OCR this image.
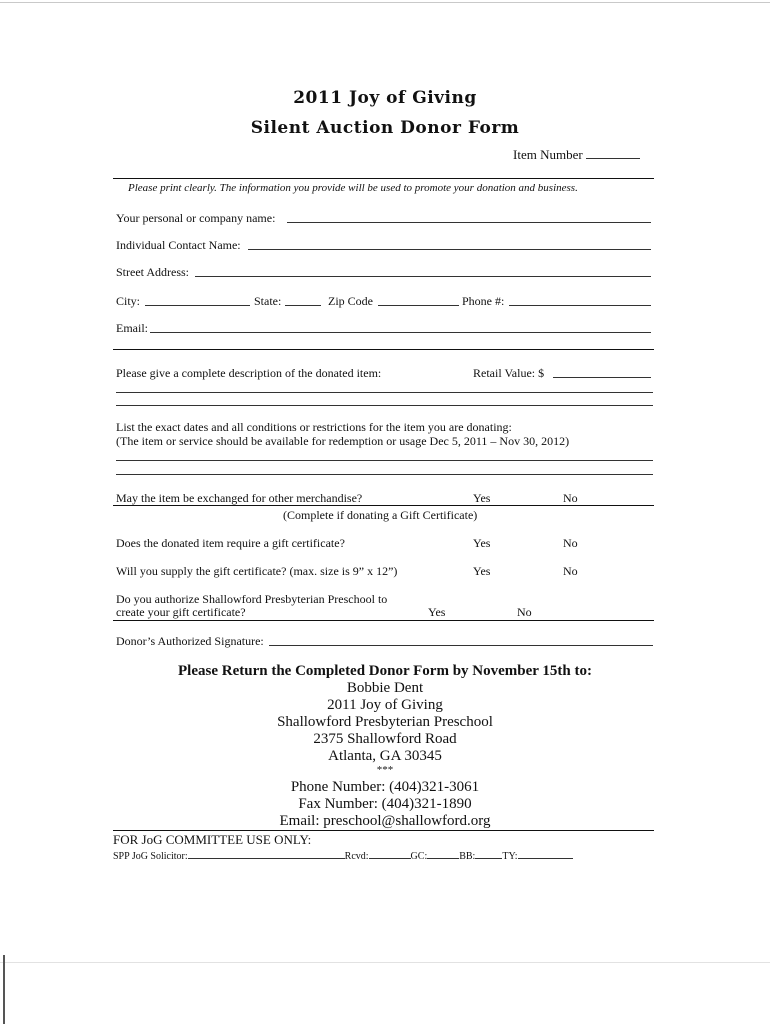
2011 Joy of Giving
Silent Auction Donor Form
Item Number
Please print clearly. The information you provide will be used to promote your donation and business.
Your personal or company name:
Individual Contact Name:
Street Address:
City:	State:	Zip Code	Phone #:
Email:
Please give a complete description of the donated item:	Retail Value: $
List the exact dates and all conditions or restrictions for the item you are donating:
(The item or service should be available for redemption or usage Dec 5, 2011 – Nov 30, 2012)
May the item be exchanged for other merchandise?	Yes	No
(Complete if donating a Gift Certificate)
Does the donated item require a gift certificate?	Yes	No
Will you supply the gift certificate? (max. size is 9” x 12”)	Yes	No
Do you authorize Shallowford Presbyterian Preschool to
create your gift certificate?	Yes	No
Donor’s Authorized Signature:
Please Return the Completed Donor Form by November 15th to:
Bobbie Dent
2011 Joy of Giving
Shallowford Presbyterian Preschool
2375 Shallowford Road
Atlanta, GA 30345
***
Phone Number: (404)321-3061
Fax Number: (404)321-1890
Email: preschool@shallowford.org
FOR JoG COMMITTEE USE ONLY:
SPP JoG Solicitor:	Rcvd:	GC:	BB:	TY:
